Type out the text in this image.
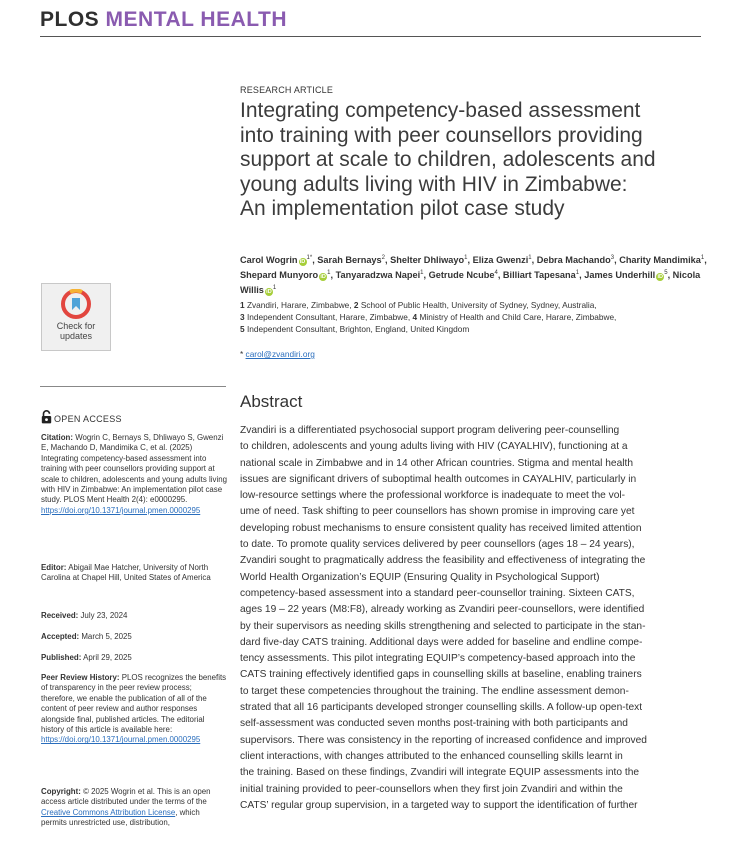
PLOS MENTAL HEALTH
RESEARCH ARTICLE
Integrating competency-based assessment
into training with peer counsellors providing
support at scale to children, adolescents and
young adults living with HIV in Zimbabwe:
An implementation pilot case study
Carol Wogrin $iD^{1*}$, Sarah Bernays$^2$, Shelter Dhliwayo$^1$, Eliza Gwenzi$^1$, Debra Machando$^3$, Charity Mandimika$^1$, Shepard Munyoro $iD^1$, Tanyaradzwa Napei$^1$, Getrude Ncube$^4$, Billiart Tapesana$^1$, James Underhill $iD^5$, Nicola Willis $iD^1$
1 Zvandiri, Harare, Zimbabwe, 2 School of Public Health, University of Sydney, Sydney, Australia,
3 Independent Consultant, Harare, Zimbabwe, 4 Ministry of Health and Child Care, Harare, Zimbabwe,
5 Independent Consultant, Brighton, England, United Kingdom
* carol@zvandiri.org
Check for
updates
OPEN ACCESS
Citation: Wogrin C, Bernays S, Dhliwayo S, Gwenzi E, Machando D, Mandimika C, et al. (2025) Integrating competency-based assessment into training with peer counsellors providing support at scale to children, adolescents and young adults living with HIV in Zimbabwe: An implementation pilot case study. PLOS Ment Health 2(4): e0000295. https://doi.org/10.1371/journal.pmen.0000295
Editor: Abigail Mae Hatcher, University of North Carolina at Chapel Hill, United States of America
Received: July 23, 2024
Accepted: March 5, 2025
Published: April 29, 2025
Peer Review History: PLOS recognizes the benefits of transparency in the peer review process; therefore, we enable the publication of all of the content of peer review and author responses alongside final, published articles. The editorial history of this article is available here: https://doi.org/10.1371/journal.pmen.0000295
Copyright: © 2025 Wogrin et al. This is an open access article distributed under the terms of the Creative Commons Attribution License, which permits unrestricted use, distribution,
Abstract
Zvandiri is a differentiated psychosocial support program delivering peer-counselling
to children, adolescents and young adults living with HIV (CAYALHIV), functioning at a
national scale in Zimbabwe and in 14 other African countries. Stigma and mental health
issues are significant drivers of suboptimal health outcomes in CAYALHIV, particularly in
low-resource settings where the professional workforce is inadequate to meet the vol-
ume of need. Task shifting to peer counsellors has shown promise in improving care yet
developing robust mechanisms to ensure consistent quality has received limited attention
to date. To promote quality services delivered by peer counsellors (ages 18 – 24 years),
Zvandiri sought to pragmatically address the feasibility and effectiveness of integrating the
World Health Organization’s EQUIP (Ensuring Quality in Psychological Support)
competency-based assessment into a standard peer-counsellor training. Sixteen CATS,
ages 19 – 22 years (M8:F8), already working as Zvandiri peer-counsellors, were identified
by their supervisors as needing skills strengthening and selected to participate in the stan-
dard five-day CATS training. Additional days were added for baseline and endline compe-
tency assessments. This pilot integrating EQUIP’s competency-based approach into the
CATS training effectively identified gaps in counselling skills at baseline, enabling trainers
to target these competencies throughout the training. The endline assessment demon-
strated that all 16 participants developed stronger counselling skills. A follow-up open-text
self-assessment was conducted seven months post-training with both participants and
supervisors. There was consistency in the reporting of increased confidence and improved
client interactions, with changes attributed to the enhanced counselling skills learnt in
the training. Based on these findings, Zvandiri will integrate EQUIP assessments into the
initial training provided to peer-counsellors when they first join Zvandiri and within the
CATS’ regular group supervision, in a targeted way to support the identification of further
